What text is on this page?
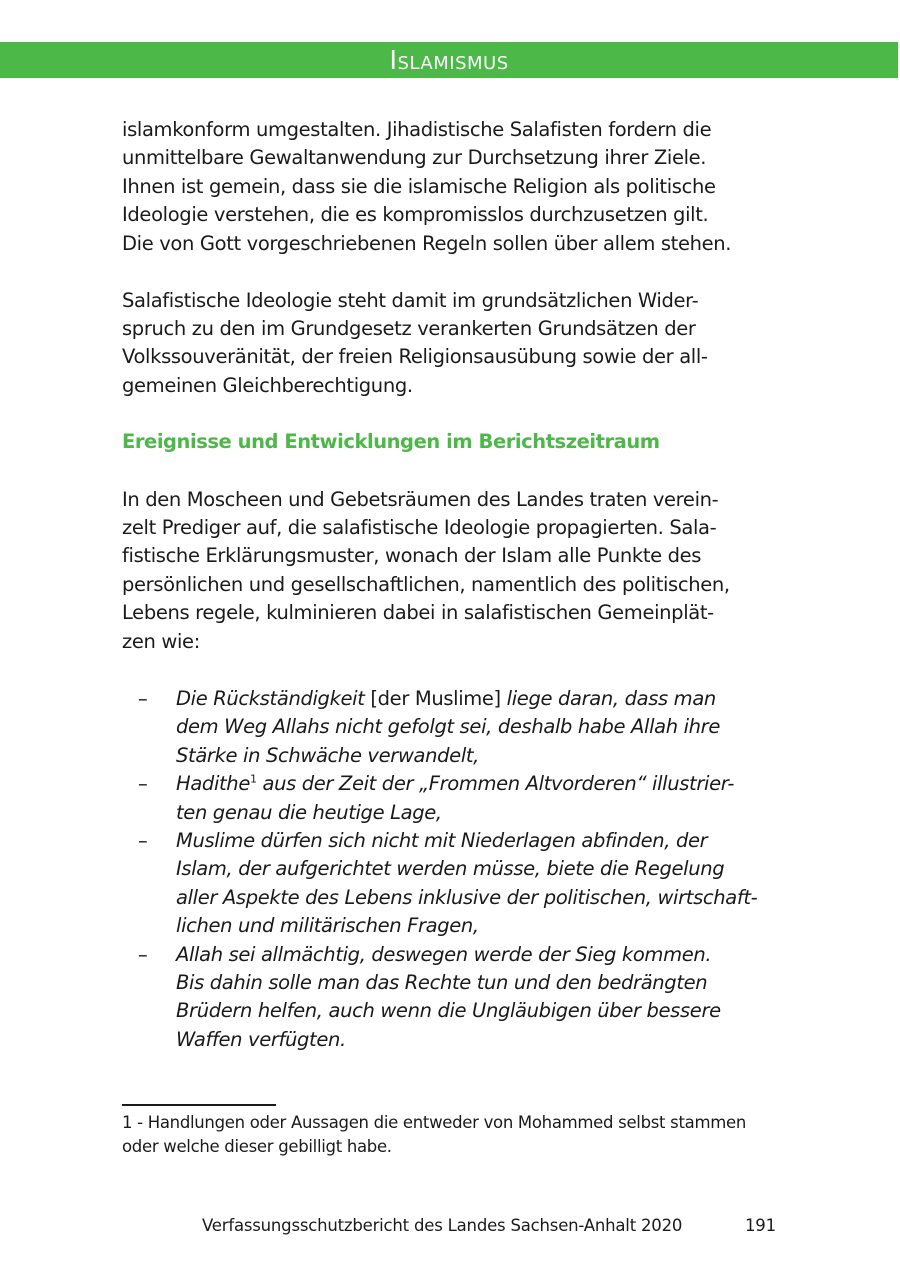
Islamismus

islamkonform umgestalten. Jihadistische Salafisten fordern die
unmittelbare Gewaltanwendung zur Durchsetzung ihrer Ziele.
Ihnen ist gemein, dass sie die islamische Religion als politische
Ideologie verstehen, die es kompromisslos durchzusetzen gilt.
Die von Gott vorgeschriebenen Regeln sollen über allem stehen.

Salafistische Ideologie steht damit im grundsätzlichen Wider-
spruch zu den im Grundgesetz verankerten Grundsätzen der
Volkssouveränität, der freien Religionsausübung sowie der all-
gemeinen Gleichberechtigung.

Ereignisse und Entwicklungen im Berichtszeitraum

In den Moscheen und Gebetsräumen des Landes traten verein-
zelt Prediger auf, die salafistische Ideologie propagierten. Sala-
fistische Erklärungsmuster, wonach der Islam alle Punkte des
persönlichen und gesellschaftlichen, namentlich des politischen,
Lebens regele, kulminieren dabei in salafistischen Gemeinplät-
zen wie:

– Die Rückständigkeit [der Muslime] liege daran, dass man
dem Weg Allahs nicht gefolgt sei, deshalb habe Allah ihre
Stärke in Schwäche verwandelt,
– Hadithe$^1$ aus der Zeit der „Frommen Altvorderen“ illustrier-
ten genau die heutige Lage,
– Muslime dürfen sich nicht mit Niederlagen abfinden, der
Islam, der aufgerichtet werden müsse, biete die Regelung
aller Aspekte des Lebens inklusive der politischen, wirtschaft-
lichen und militärischen Fragen,
– Allah sei allmächtig, deswegen werde der Sieg kommen.
Bis dahin solle man das Rechte tun und den bedrängten
Brüdern helfen, auch wenn die Ungläubigen über bessere
Waffen verfügten.
1 - Handlungen oder Aussagen die entweder von Mohammed selbst stammen
oder welche dieser gebilligt habe.
Verfassungsschutzbericht des Landes Sachsen-Anhalt 2020	191
